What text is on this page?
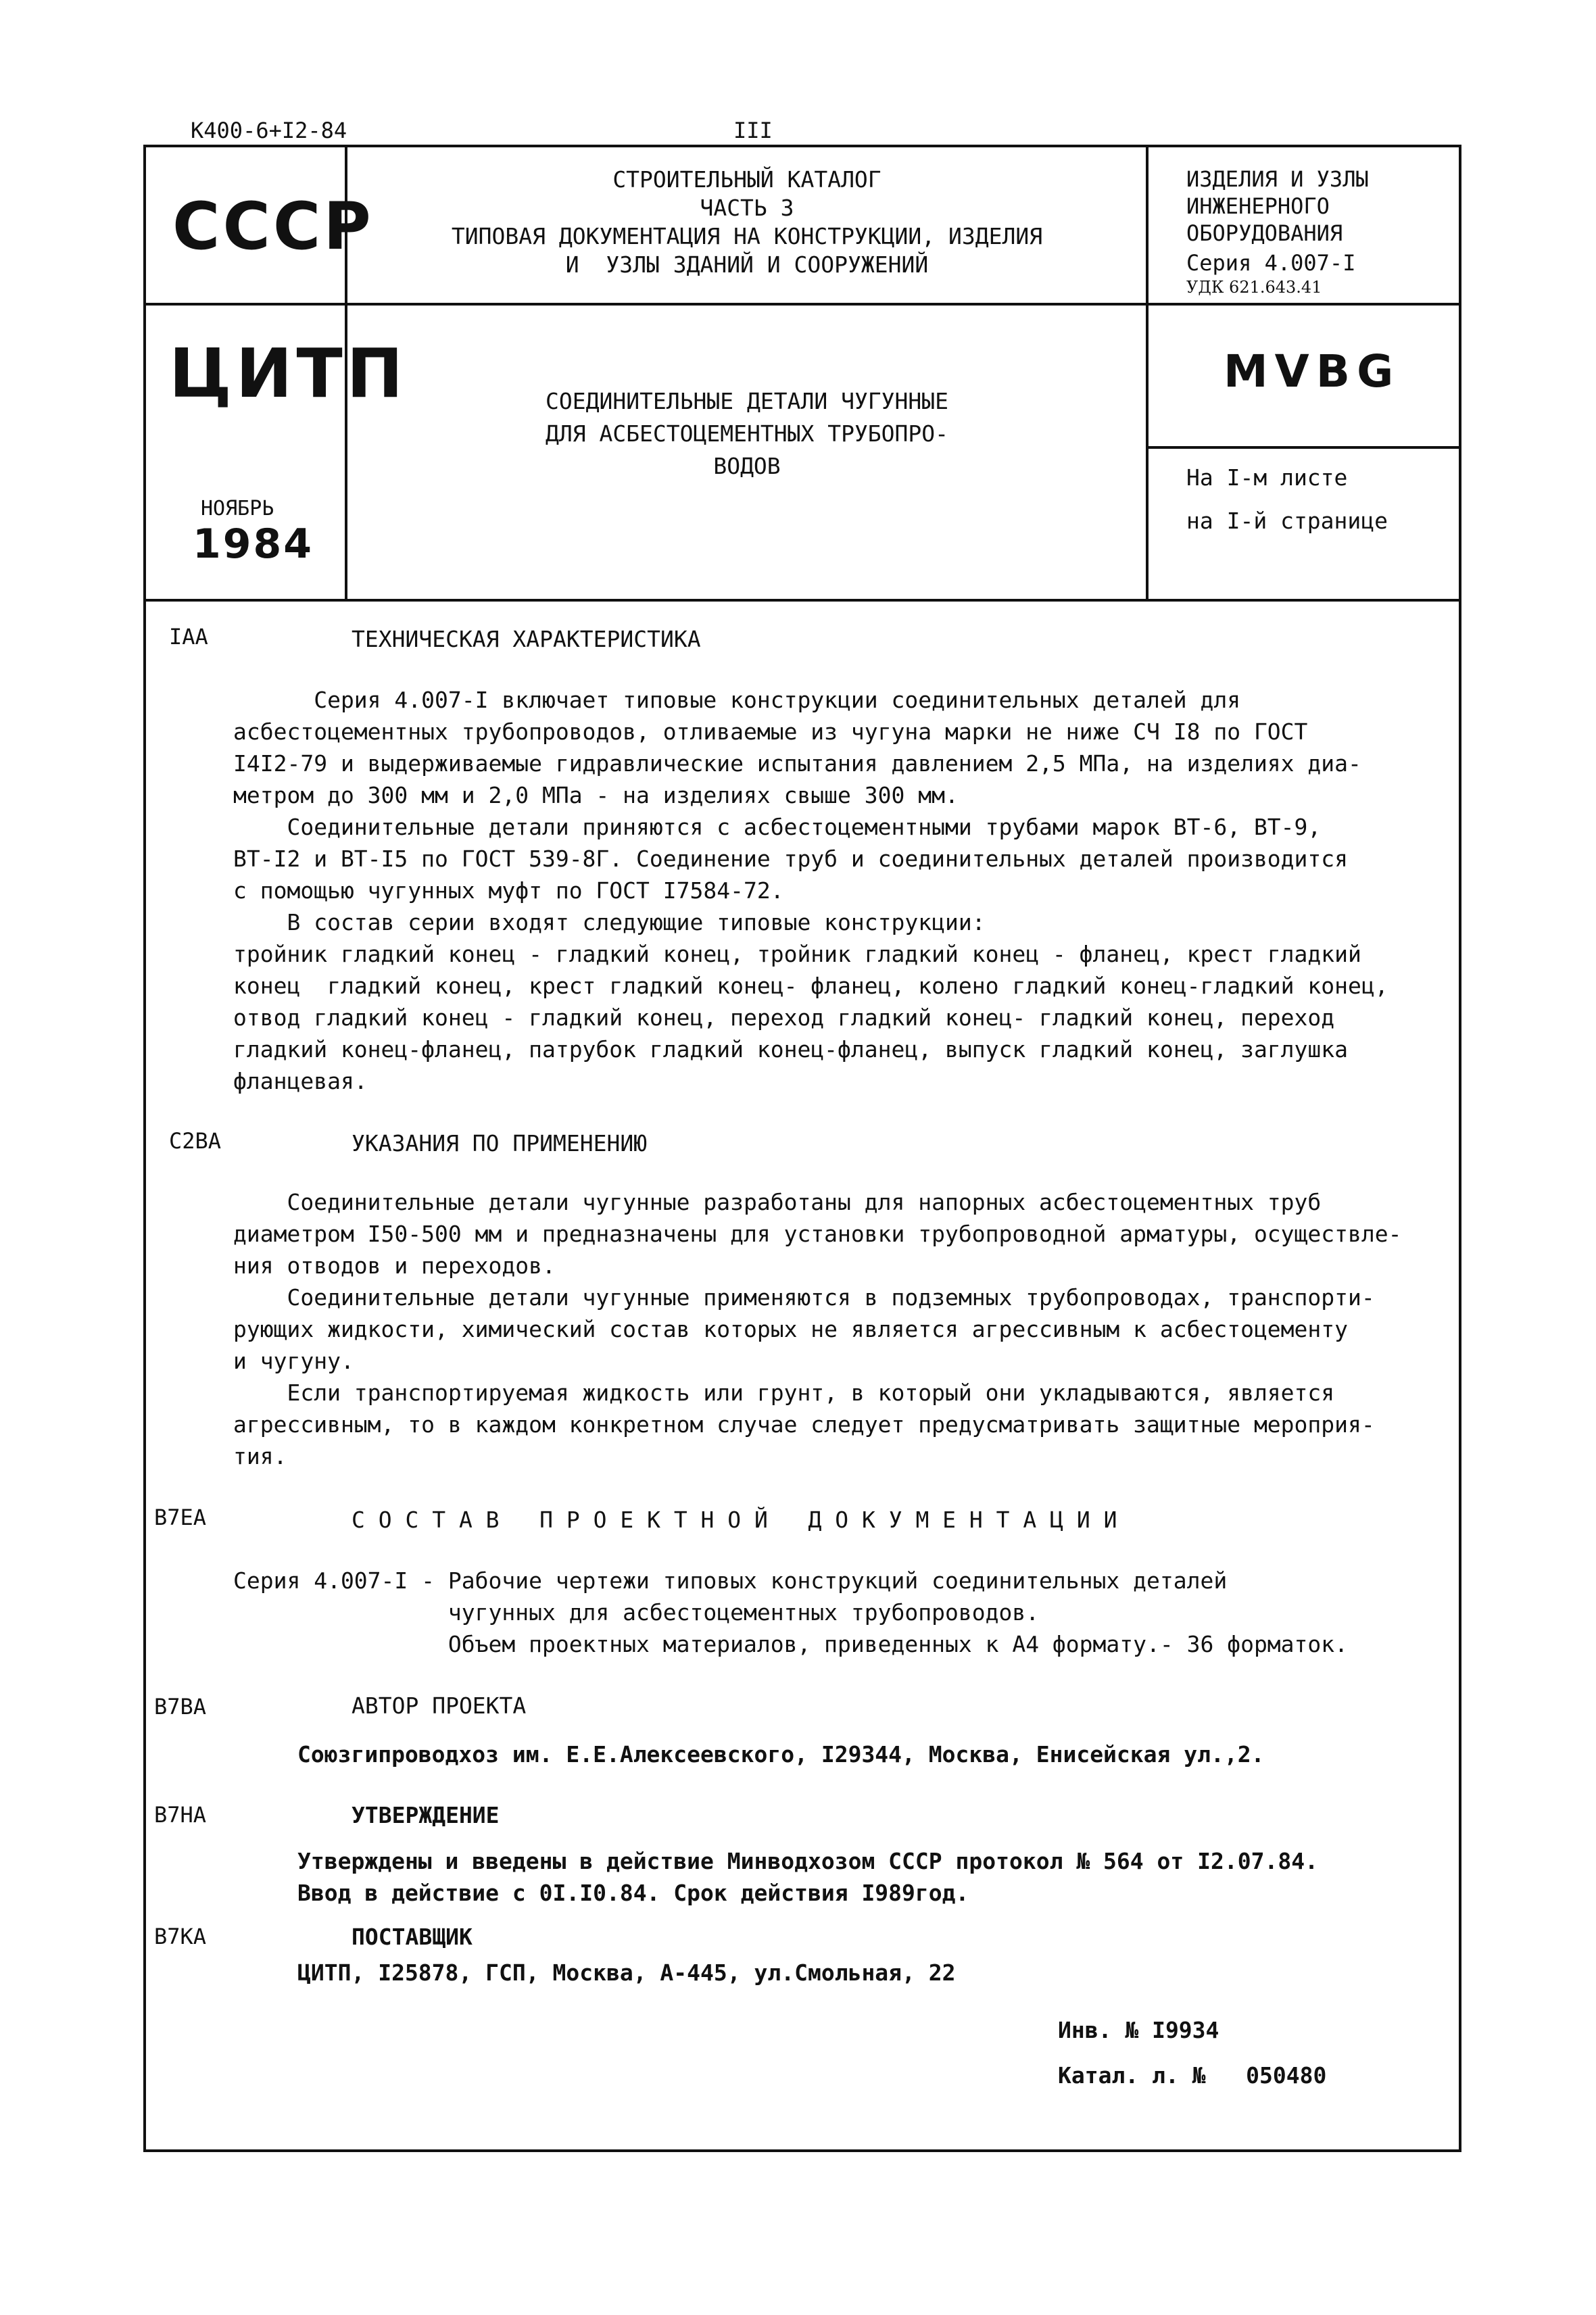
К400-6+I2-84	III
СССР
СТРОИТЕЛЬНЫЙ КАТАЛОГ
ЧАСТЬ 3
ТИПОВАЯ ДОКУМЕНТАЦИЯ НА КОНСТРУКЦИИ, ИЗДЕЛИЯ
И  УЗЛЫ ЗДАНИЙ И СООРУЖЕНИЙ
ИЗДЕЛИЯ И УЗЛЫ
ИНЖЕНЕРНОГО
ОБОРУДОВАНИЯ
Серия 4.007-I
УДК 621.643.41
ЦИТП
НОЯБРЬ
1984
СОЕДИНИТЕЛЬНЫЕ ДЕТАЛИ ЧУГУННЫЕ
ДЛЯ АСБЕСТОЦЕМЕНТНЫХ ТРУБОПРО-
ВОДОВ
MVBG
На I-м листе
на I-й странице
IAA	ТЕХНИЧЕСКАЯ ХАРАКТЕРИСТИКА
Серия 4.007-I включает типовые конструкции соединительных деталей для
асбестоцементных трубопроводов, отливаемые из чугуна марки не ниже СЧ I8 по ГОСТ
I4I2-79 и выдерживаемые гидравлические испытания давлением 2,5 МПа, на изделиях диа-
метром до 300 мм и 2,0 МПа - на изделиях свыше 300 мм.
Соединительные детали приняются с асбестоцементными трубами марок ВТ-6, ВТ-9,
ВТ-I2 и ВТ-I5 по ГОСТ 539-8Г. Соединение труб и соединительных деталей производится
с помощью чугунных муфт по ГОСТ I7584-72.
В состав серии входят следующие типовые конструкции:
тройник гладкий конец - гладкий конец, тройник гладкий конец - фланец, крест гладкий
конец  гладкий конец, крест гладкий конец- фланец, колено гладкий конец-гладкий конец,
отвод гладкий конец - гладкий конец, переход гладкий конец- гладкий конец, переход
гладкий конец-фланец, патрубок гладкий конец-фланец, выпуск гладкий конец, заглушка
фланцевая.
C2BA	УКАЗАНИЯ ПО ПРИМЕНЕНИЮ
Соединительные детали чугунные разработаны для напорных асбестоцементных труб
диаметром I50-500 мм и предназначены для установки трубопроводной арматуры, осуществле-
ния отводов и переходов.
Соединительные детали чугунные применяются в подземных трубопроводах, транспорти-
рующих жидкости, химический состав которых не является агрессивным к асбестоцементу
и чугуну.
Если транспортируемая жидкость или грунт, в который они укладываются, является
агрессивным, то в каждом конкретном случае следует предусматривать защитные мероприя-
тия.
B7EA	С О С Т А В   П Р О Е К Т Н О Й   Д О К У М Е Н Т А Ц И И
Серия 4.007-I - Рабочие чертежи типовых конструкций соединительных деталей
чугунных для асбестоцементных трубопроводов.
Объем проектных материалов, приведенных к А4 формату.- 36 форматок.
B7BA	АВТОР ПРОЕКТА
Союзгипроводхоз им. Е.Е.Алексеевского, I29344, Москва, Енисейская ул.,2.
B7HA	УТВЕРЖДЕНИЕ
Утверждены и введены в действие Минводхозом СССР протокол № 564 от I2.07.84.
Ввод в действие с 0I.I0.84. Срок действия I989год.
B7KA	ПОСТАВЩИК
ЦИТП, I25878, ГСП, Москва, А-445, ул.Смольная, 22
Инв. № I9934
Катал. л. №   050480
